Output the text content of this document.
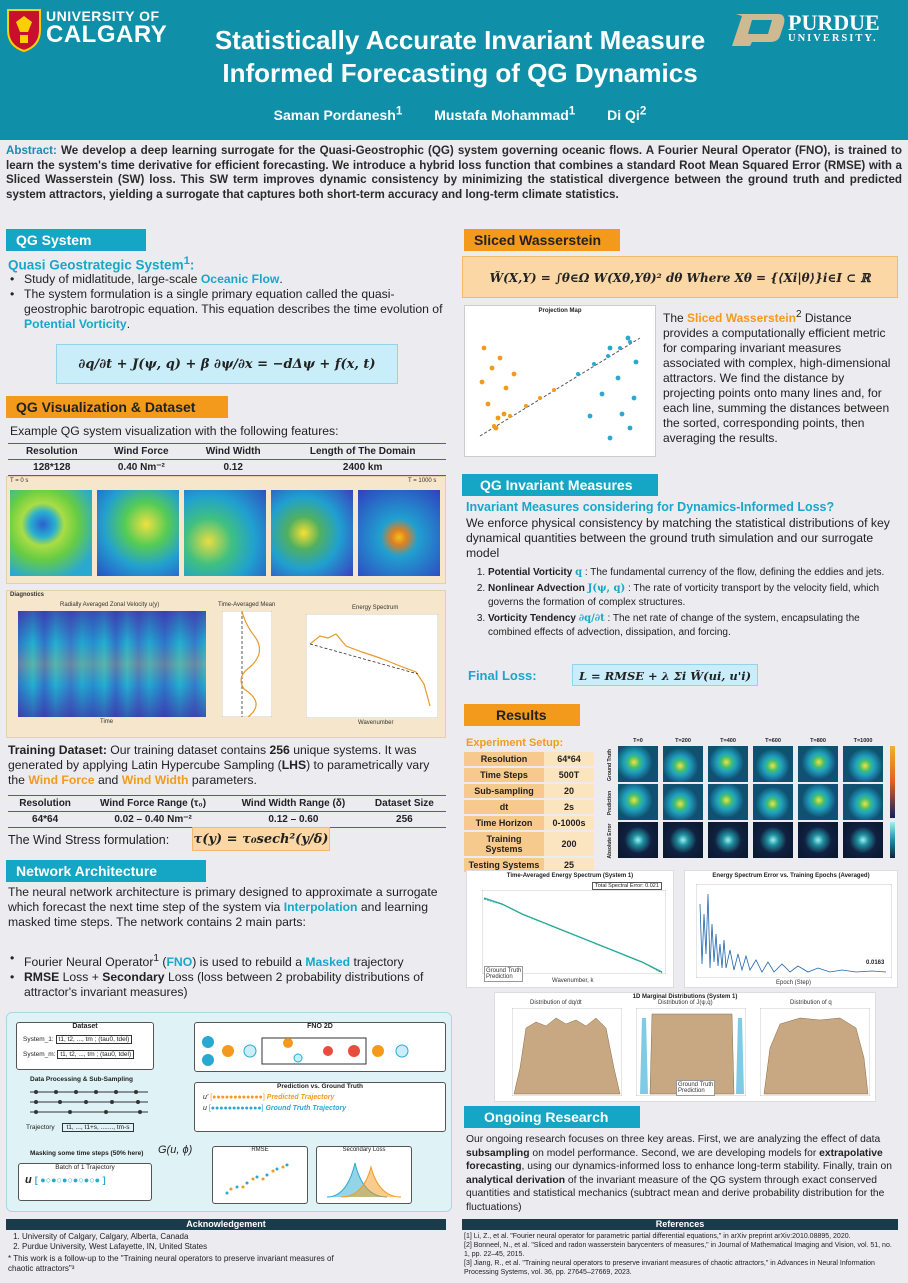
UNIVERSITY OF
CALGARY	Statistically Accurate Invariant Measure
Informed Forecasting of QG Dynamics
Saman Pordanesh$^1$ Mustafa Mohammad$^1$ Di Qi$^2$
PURDUE
UNIVERSITY.
Abstract: We develop a deep learning surrogate for the Quasi-Geostrophic (QG) system governing oceanic flows. A Fourier Neural Operator (FNO), is trained to learn the system's time derivative for efficient forecasting. We introduce a hybrid loss function that combines a standard Root Mean Squared Error (RMSE) with a Sliced Wasserstein (SW) loss. This SW term improves dynamic consistency by minimizing the statistical divergence between the ground truth and predicted system attractors, yielding a surrogate that captures both short-term accuracy and long-term climate statistics.
QG System
Quasi Geostrategic System$^1$:
• Study of midlatitude, large-scale Oceanic Flow.
• The system formulation is a single primary equation called the quasi-geostrophic barotropic equation. This equation describes the time evolution of Potential Vorticity.
∂q/∂t + J(ψ, q) + β ∂ψ/∂x = −dΔψ + f(x, t)
QG Visualization & Dataset
Example QG system visualization with the following features:
Resolution	Wind Force	Wind Width	Length of The Domain
128*128	0.40 Nm⁻²	0.12	2400 km
T = 0 s	T = 1000 s
Diagnostics
Radially Averaged Zonal Velocity u(y)	Time-Averaged Mean	Energy Spectrum
Time	Wavenumber
Training Dataset: Our training dataset contains 256 unique systems. It was generated by applying Latin Hypercube Sampling (LHS) to parametrically vary the Wind Force and Wind Width parameters.
Resolution	Wind Force Range (τ₀)	Wind Width Range (δ)	Dataset Size
64*64	0.02 – 0.40 Nm⁻²	0.12 – 0.60	256
The Wind Stress formulation: τ(y) = τ₀sech²(y/δ)
Network Architecture
The neural network architecture is primary designed to approximate a surrogate which forecast the next time step of the system via Interpolation and learning masked time steps. The network contains 2 main parts:
• Fourier Neural Operator$^1$ (FNO) is used to rebuild a Masked trajectory
• RMSE Loss + Secondary Loss (loss between 2 probability distributions of attractor's invariant measures)
Dataset
System_1: t1, t2, ..., tm ; (tau0, tdel)
System_m: t1, t2, ..., tm ; (tau0, tdel)
Data Processing & Sub-Sampling
Trajectory t1, ..., t1+s, ......., tm-s
Masking some time steps (50% here)
Batch of 1 Trajectory
u [ ●○●○●○●○●○● ]
G(u, ϕ)
FNO 2D
Prediction vs. Ground Truth
u' [●●●●●●●●●●●●] Predicted Trajectory
u [●●●●●●●●●●●●] Ground Truth Trajectory
RMSE	Secondary Loss
Acknowledgement
1. University of Calgary, Calgary, Alberta, Canada
2. Purdue University, West Lafayette, IN, United States
* This work is a follow-up to the "Training neural operators to preserve invariant measures of chaotic attractors"³
Sliced Wasserstein
W̃(X,Y) = ∫θ∈Ω W(Xθ,Yθ)² dθ Where Xθ = {⟨Xi|θ⟩}i∈I ⊂ ℝ
Projection Map	The Sliced Wasserstein$^2$ Distance provides a computationally efficient metric for comparing invariant measures associated with complex, high-dimensional attractors. We find the distance by projecting points onto many lines and, for each line, summing the distances between the sorted, corresponding points, then averaging the results.
QG Invariant Measures
Invariant Measures considering for Dynamics-Informed Loss?
We enforce physical consistency by matching the statistical distributions of key dynamical quantities between the ground truth simulation and our surrogate model
1. Potential Vorticity q : The fundamental currency of the flow, defining the eddies and jets.
2. Nonlinear Advection J(ψ, q) : The rate of vorticity transport by the velocity field, which governs the formation of complex structures.
3. Vorticity Tendency ∂q/∂t : The net rate of change of the system, encapsulating the combined effects of advection, dissipation, and forcing.
Final Loss:	L = RMSE + λ Σi W̃(ui, u'i)
Results
Experiment Setup:
Resolution	64*64
Time Steps	500T
Sub-sampling	20
dt	2s
Time Horizon	0-1000s
Training Systems	200
Testing Systems	25
T=0	T=200	T=400	T=600	T=800	T=1000
Ground Truth
Prediction
Absolute Error
Time-Averaged Energy Spectrum (System 1)
Total Spectral Error: 0.021
Ground Truth
Prediction
Wavenumber, k
Energy Spectrum Error vs. Training Epochs (Averaged)
0.0163
Epoch (Step)
1D Marginal Distributions (System 1)
Distribution of dq/dt	Distribution of J(ψ,q)	Distribution of q
Ground Truth
Prediction
Ongoing Research
Our ongoing research focuses on three key areas. First, we are analyzing the effect of data subsampling on model performance. Second, we are developing models for extrapolative forecasting, using our dynamics-informed loss to enhance long-term stability. Finally, train on analytical derivation of the invariant measure of the QG system through exact conserved quantities and statistical mechanics (subtract mean and derive probability distribution for the fluctuations)
References
[1] Li, Z., et al. "Fourier neural operator for parametric partial differential equations," in arXiv preprint arXiv:2010.08895, 2020.
[2] Bonneel, N., et al. "Sliced and radon wasserstein barycenters of measures," in Journal of Mathematical Imaging and Vision, vol. 51, no. 1, pp. 22–45, 2015.
[3] Jiang, R., et al. "Training neural operators to preserve invariant measures of chaotic attractors," in Advances in Neural Information Processing Systems, vol. 36, pp. 27645–27669, 2023.
